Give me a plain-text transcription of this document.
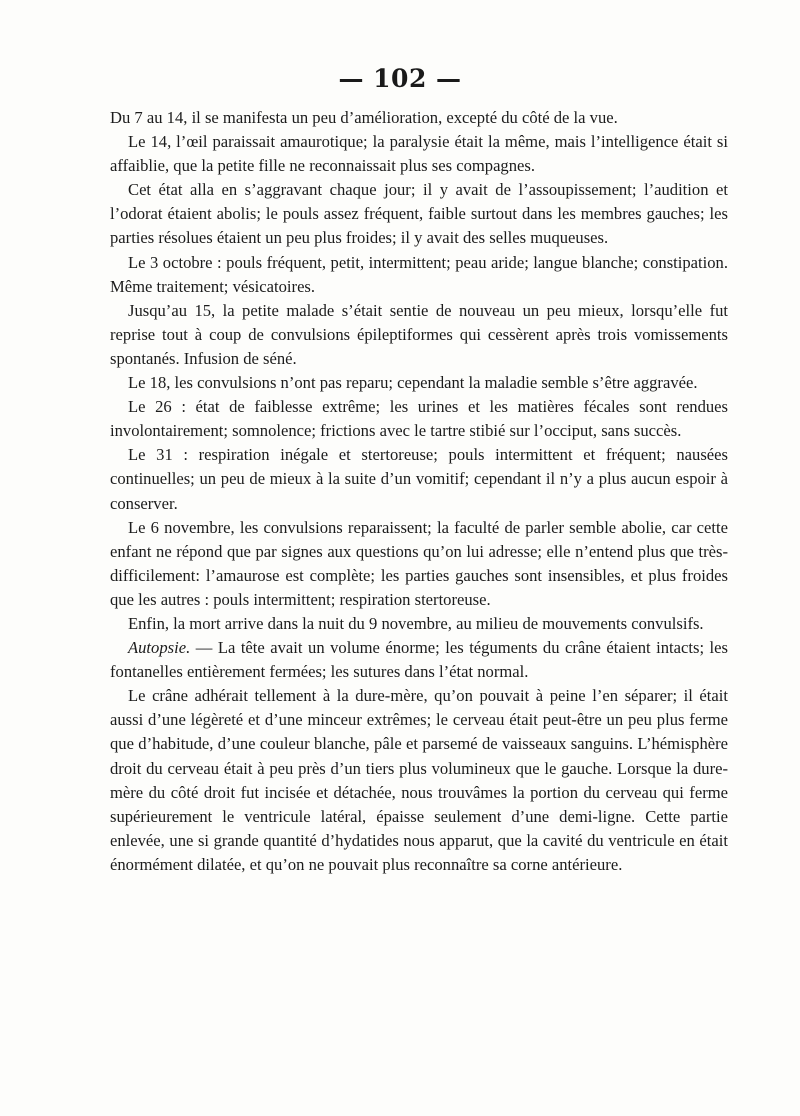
— 102 —

Du 7 au 14, il se manifesta un peu d’amélioration, excepté du côté de la vue.

Le 14, l’œil paraissait amaurotique; la paralysie était la même, mais l’intelligence était si affaiblie, que la petite fille ne reconnaissait plus ses compagnes.

Cet état alla en s’aggravant chaque jour; il y avait de l’assoupissement; l’audition et l’odorat étaient abolis; le pouls assez fréquent, faible surtout dans les membres gauches; les parties résolues étaient un peu plus froides; il y avait des selles muqueuses.

Le 3 octobre : pouls fréquent, petit, intermittent; peau aride; langue blanche; constipation. Même traitement; vésicatoires.

Jusqu’au 15, la petite malade s’était sentie de nouveau un peu mieux, lorsqu’elle fut reprise tout à coup de convulsions épileptiformes qui cessèrent après trois vomissements spontanés. Infusion de séné.

Le 18, les convulsions n’ont pas reparu; cependant la maladie semble s’être aggravée.

Le 26 : état de faiblesse extrême; les urines et les matières fécales sont rendues involontairement; somnolence; frictions avec le tartre stibié sur l’occiput, sans succès.

Le 31 : respiration inégale et stertoreuse; pouls intermittent et fréquent; nausées continuelles; un peu de mieux à la suite d’un vomitif; cependant il n’y a plus aucun espoir à conserver.

Le 6 novembre, les convulsions reparaissent; la faculté de parler semble abolie, car cette enfant ne répond que par signes aux questions qu’on lui adresse; elle n’entend plus que très-difficilement: l’amaurose est complète; les parties gauches sont insensibles, et plus froides que les autres : pouls intermittent; respiration stertoreuse.

Enfin, la mort arrive dans la nuit du 9 novembre, au milieu de mouvements convulsifs.

Autopsie. — La tête avait un volume énorme; les téguments du crâne étaient intacts; les fontanelles entièrement fermées; les sutures dans l’état normal.

Le crâne adhérait tellement à la dure-mère, qu’on pouvait à peine l’en séparer; il était aussi d’une légèreté et d’une minceur extrêmes; le cerveau était peut-être un peu plus ferme que d’habitude, d’une couleur blanche, pâle et parsemé de vaisseaux sanguins. L’hémisphère droit du cerveau était à peu près d’un tiers plus volumineux que le gauche. Lorsque la dure-mère du côté droit fut incisée et détachée, nous trouvâmes la portion du cerveau qui ferme supérieurement le ventricule latéral, épaisse seulement d’une demi-ligne. Cette partie enlevée, une si grande quantité d’hydatides nous apparut, que la cavité du ventricule en était énormément dilatée, et qu’on ne pouvait plus reconnaître sa corne antérieure.
